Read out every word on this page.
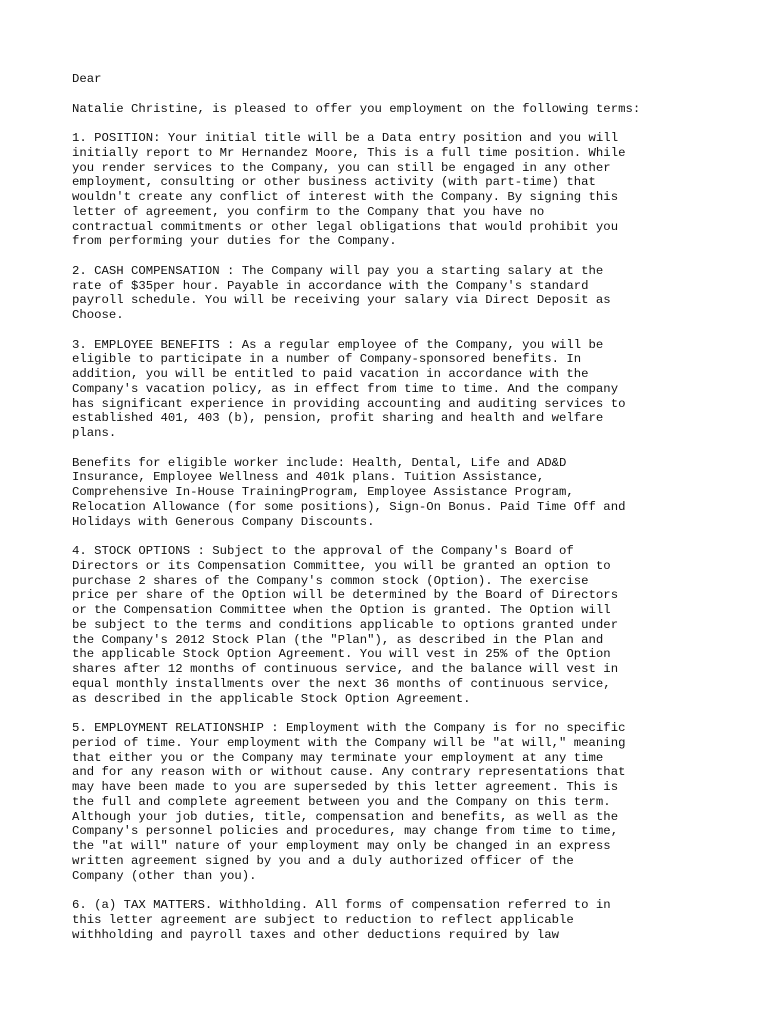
Dear
Natalie Christine, is pleased to offer you employment on the following terms:
1. POSITION: Your initial title will be a Data entry position and you will
initially report to Mr Hernandez Moore, This is a full time position. While
you render services to the Company, you can still be engaged in any other
employment, consulting or other business activity (with part-time) that
wouldn't create any conflict of interest with the Company. By signing this
letter of agreement, you confirm to the Company that you have no
contractual commitments or other legal obligations that would prohibit you
from performing your duties for the Company.
2. CASH COMPENSATION : The Company will pay you a starting salary at the
rate of $35per hour. Payable in accordance with the Company's standard
payroll schedule. You will be receiving your salary via Direct Deposit as
Choose.
3. EMPLOYEE BENEFITS : As a regular employee of the Company, you will be
eligible to participate in a number of Company-sponsored benefits. In
addition, you will be entitled to paid vacation in accordance with the
Company's vacation policy, as in effect from time to time. And the company
has significant experience in providing accounting and auditing services to
established 401, 403 (b), pension, profit sharing and health and welfare
plans.
Benefits for eligible worker include: Health, Dental, Life and AD&D
Insurance, Employee Wellness and 401k plans. Tuition Assistance,
Comprehensive In-House TrainingProgram, Employee Assistance Program,
Relocation Allowance (for some positions), Sign-On Bonus. Paid Time Off and
Holidays with Generous Company Discounts.
4. STOCK OPTIONS : Subject to the approval of the Company's Board of
Directors or its Compensation Committee, you will be granted an option to
purchase 2 shares of the Company's common stock (Option). The exercise
price per share of the Option will be determined by the Board of Directors
or the Compensation Committee when the Option is granted. The Option will
be subject to the terms and conditions applicable to options granted under
the Company's 2012 Stock Plan (the "Plan"), as described in the Plan and
the applicable Stock Option Agreement. You will vest in 25% of the Option
shares after 12 months of continuous service, and the balance will vest in
equal monthly installments over the next 36 months of continuous service,
as described in the applicable Stock Option Agreement.
5. EMPLOYMENT RELATIONSHIP : Employment with the Company is for no specific
period of time. Your employment with the Company will be "at will," meaning
that either you or the Company may terminate your employment at any time
and for any reason with or without cause. Any contrary representations that
may have been made to you are superseded by this letter agreement. This is
the full and complete agreement between you and the Company on this term.
Although your job duties, title, compensation and benefits, as well as the
Company's personnel policies and procedures, may change from time to time,
the "at will" nature of your employment may only be changed in an express
written agreement signed by you and a duly authorized officer of the
Company (other than you).
6. (a) TAX MATTERS. Withholding. All forms of compensation referred to in
this letter agreement are subject to reduction to reflect applicable
withholding and payroll taxes and other deductions required by law
